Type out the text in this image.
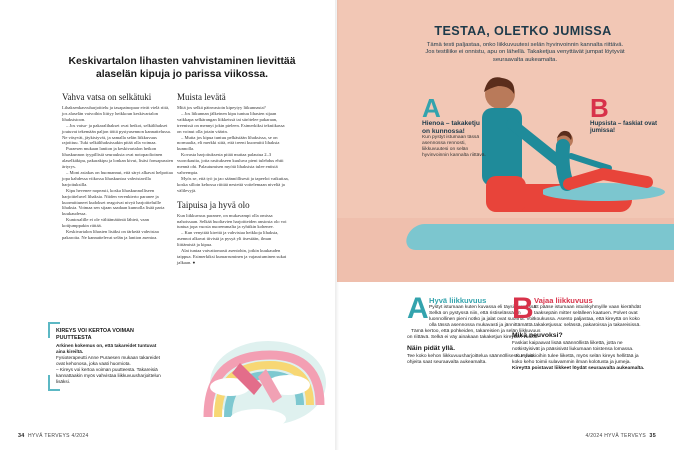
Keskivartalon lihasten vahvistaminen lievittää alaselän kipuja jo parissa viikossa.
Vahva vatsa on selkätuki

Lihaksenkasvuharjoittelu ja tasapainopaar eivät vielä riitä, jos alaselän vaivoihin liittyy heikkoun keskivartalon lihaksistoon.

– Jos vatsa- ja pakaralihakset ovat heikot, selkälihakset joutuvat tekemään paljon töitä pystyasennon kannattelussa. Ne väsyvät, jäykistyvät, ja samalla selän liikkuvuus rajoittuu. Tuki selkälihaksissakin pitää olla voimaa.

Puraesen mukaan lantion ja keskivartalon heikon lihaskunnon tyypillisiä seurauksia ovat notopaolioinen alaselkäkipu, pakarakipu ja lonkan kivut, lisäsi fonsapussien ärtyrys.

– Moni asiakas on huomannut, että säryt alkavat helpottaa jopa kahdessa viikossa lihaskuntoa vahvistavilla harjoituksilla.

Kipu hevenee nopeasti, koska lihaskunnolliseen harjoitteluvel lihaksia. Niiden verenkierto paranee ja kuormittuneet kudokset reagoivat nivyä harjoitteluille lihaksia. Voimaa sen sijaan saadaan kunnolla lisää paria kuukaudessa.

Kuntosalille ei ole välttämätöntä lähteä, vaan kotijumppakin riittää.

Keskivartalon lihasten lisäksi on tärkeää vahvistaa pakaroita. Ne kannattelevat selän ja lantion asentoa.

Muista levätä

Mitä jos selkä päinvastoin kipeytyy liikunnasta?

– Jos liikunnan jälkeinen kipu tuntuu lihasten sijaan vaikkapa selkärangan liikkeissä tai särötelee pakaraan, treenissä on mennyt jokin pieleen. Esimerkiksi tekniikassa on voinut olla jotain väärin.

– Mutta jos kipua tuntuu pelkästään lihaksissa, se on normaalia, eli merkki siitä, että treeni kuormitti lihaksia kunnolla.

Kovasta harjoituksesta pitää muttaa palautua 2–3 vuorokautta, jotta rasitukseen kuuluva pieni tulehdus ehtii mennä ohi. Palautumisen myötä lihaksista tulee entistä vahvempia.

Myös se, että työ ja jao säännöllisesti ja tapeeloi vaikuttaa, koska silloin kehossa riittää nestettä voitelemaan niveliä ja välilevyjä.

Taipuisa ja hyvä olo

Kun liikkuvuus paranee, on mukavampi olla omissa nahoissaan. Selkää huoltavien harjoitteiden ansiosta olo voi tuntua jopa vuosia nuoremmalta ja ryhtikin kohenee.

– Kun venyttää kireitä ja vahvistaa heikkoja lihaksia, asennot alkavat tiivistä ja pysyä yli itsestään, ilman liittämistä ja kipua.

Alat tuntaa vaivattomasti asentohin, jotkin kuukauden taippua. Esimerkiksi kumarruminen ja vajaustuminen sukat jalkaan. ●

KIREYS VOI KERTOA VOIMAN PUUTTEESTA

Arkinen kokemus on, että takareidet tuntuvat aina kireiltä.

Fysioterapeutti Anne Puraesen mukaan takareidet ovat kehonosa, joka vaati huomiota.

– Kireys voi kertoa voiman puutteesta. Takareisiä kannattaakin myös vahvistaa liikkuvuusharjoittelun lisäksi.

34 HYVÄ TERVEYS 4/2024
TESTAA, OLETKO JUMISSA
Tämä testi paljastaa, onko liikkuvuutesi selän hyvinvoinnin kannalta riittävä. Jos testiliike ei onnistu, apu on lähellä. Takaketjua venyttävät jumpat löytyvät seuraavalta aukeamalta.
A
Hienoa – takaketju on kunnossa!
Kun pystyt istumaan tässä asennossa rennosti, liikkuvuutesi on selän hyvinvoinnin kannalta riittävä.
B
Hupsista – faskiat ovat jumissa!
A Hyvä liikkuvuus

Pystyt istumaan kuten kuvassa eli täysistunnassa. Selkä on pystyssä niin, että ristiselässä on luonnollinen pieni notko ja jalat ovat suorina. Voit olla tässä asennossa mukavasti ja jännittämättä.

Tämä kertoo, että pohkeiden, takareisien ja selän liikkuvuus on riittävä. Selkä ei väy ainakaan takaketjun kireyden vuoksi.

Näin pidät yllä.

Tee koko kehon liikkuvuusharjoittelua säännöllisesti. Hyviä ohjeita saat seuraavalta aukeamalta.

B Vajaa liikkuvuus

Et pääse istumaan istuinkyhmyille vaan kierähdät taaksepäin mitter selälleen kaatuen. Polvet ovat koukussa. Asento paljastaa, että kireyttä on koko takaketjussa: selässä, pakaroissa ja takareisissä.

Mikä neuvoksi?

Faskiat kaipaavat lisää säännöllistä liikettä, jotta ne notkistyisivät ja pääsisivät liukumaan toistensa lomassa.

Kun faskioihin tulee liikettä, myös selän kireys hellittää ja koko keho toimii sulavammin ilman kolotusta ja jumeja.

Kireyttä poistavat liikkeet löydät seuraavalta aukeamalta.

4/2024 HYVÄ TERVEYS 35
